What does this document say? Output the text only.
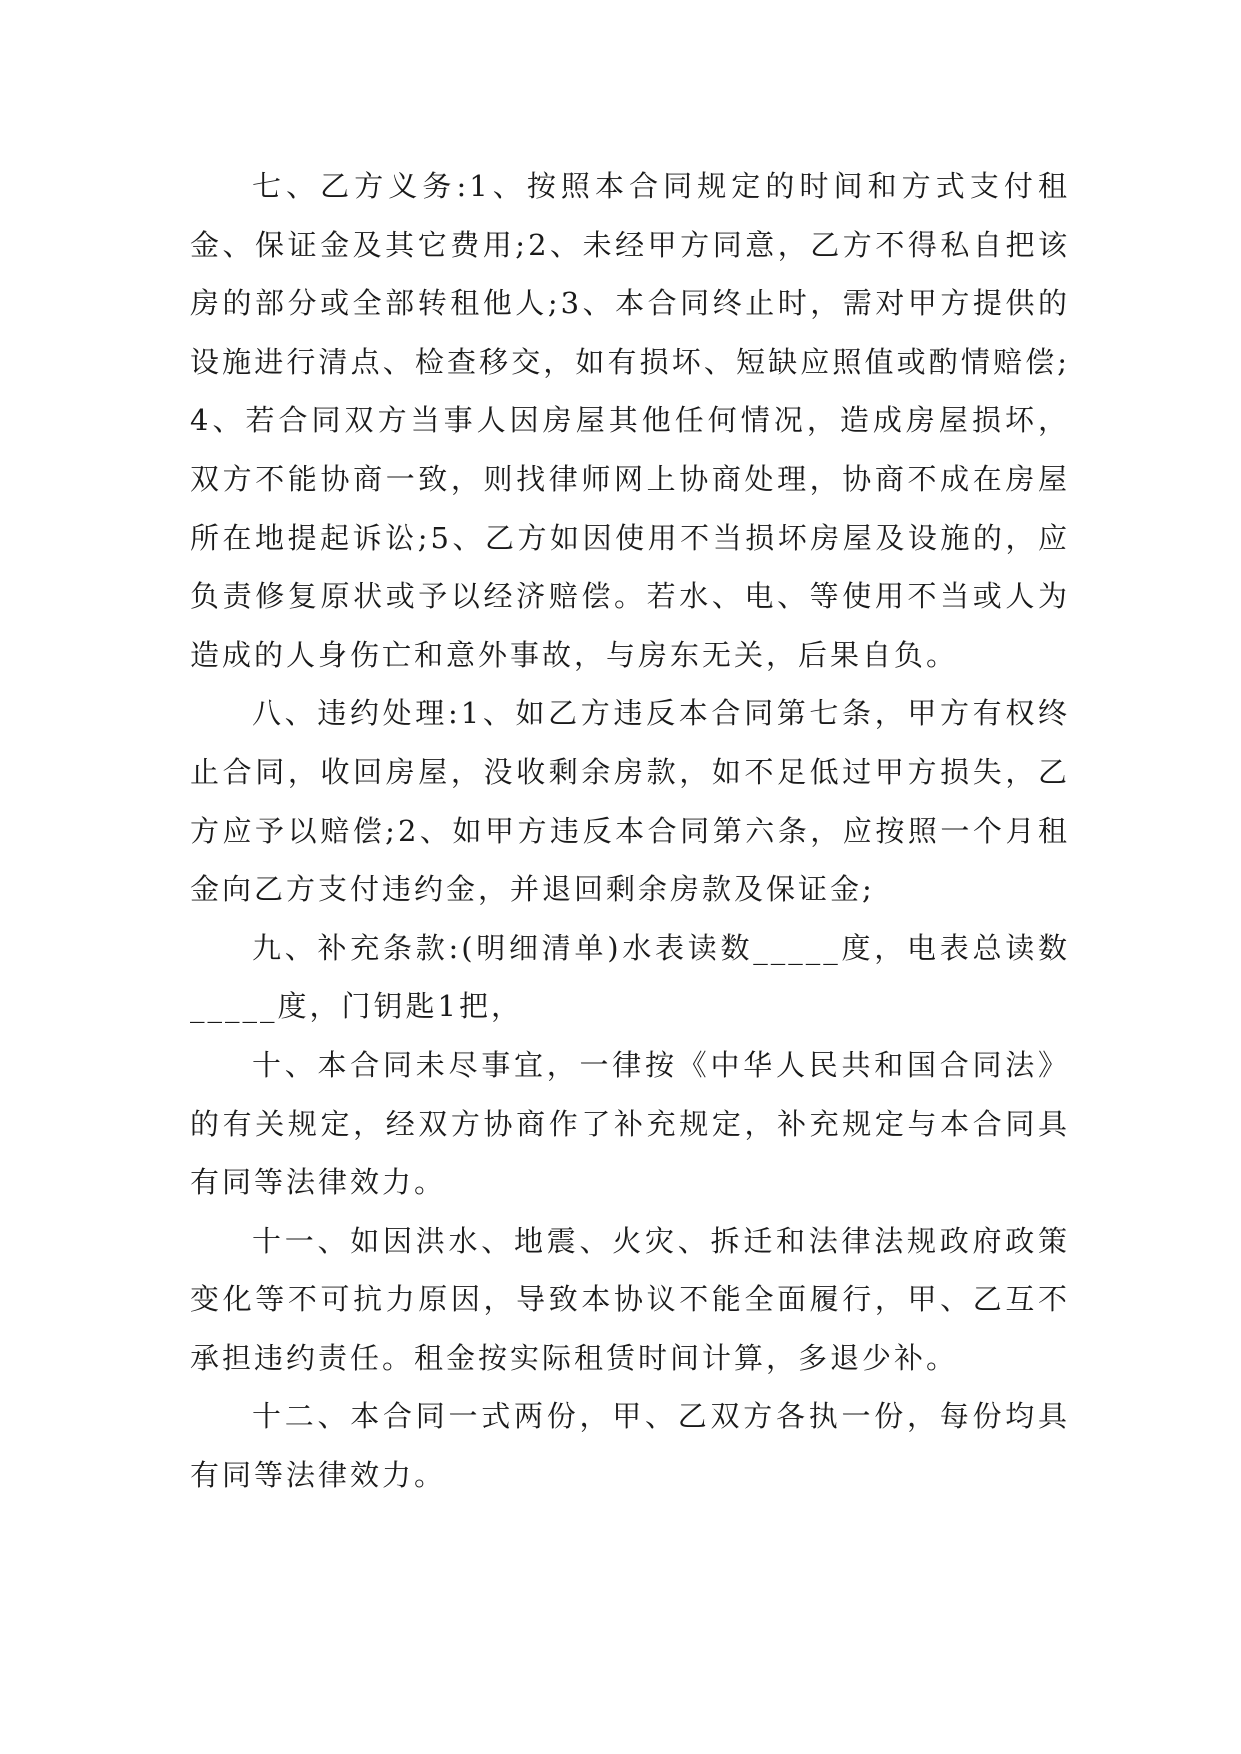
七、乙方义务:1、按照本合同规定的时间和方式支付租金、保证金及其它费用;2、未经甲方同意，乙方不得私自把该房的部分或全部转租他人;3、本合同终止时，需对甲方提供的设施进行清点、检查移交，如有损坏、短缺应照值或酌情赔偿;4、若合同双方当事人因房屋其他任何情况，造成房屋损坏，双方不能协商一致，则找律师网上协商处理，协商不成在房屋所在地提起诉讼;5、乙方如因使用不当损坏房屋及设施的，应负责修复原状或予以经济赔偿。若水、电、等使用不当或人为造成的人身伤亡和意外事故，与房东无关，后果自负。

八、违约处理:1、如乙方违反本合同第七条，甲方有权终止合同，收回房屋，没收剩余房款，如不足低过甲方损失，乙方应予以赔偿;2、如甲方违反本合同第六条，应按照一个月租金向乙方支付违约金，并退回剩余房款及保证金;

九、补充条款:(明细清单)水表读数_____度，电表总读数_____度，门钥匙1把，

十、本合同未尽事宜，一律按《中华人民共和国合同法》的有关规定，经双方协商作了补充规定，补充规定与本合同具有同等法律效力。

十一、如因洪水、地震、火灾、拆迁和法律法规政府政策变化等不可抗力原因，导致本协议不能全面履行，甲、乙互不承担违约责任。租金按实际租赁时间计算，多退少补。

十二、本合同一式两份，甲、乙双方各执一份，每份均具有同等法律效力。
